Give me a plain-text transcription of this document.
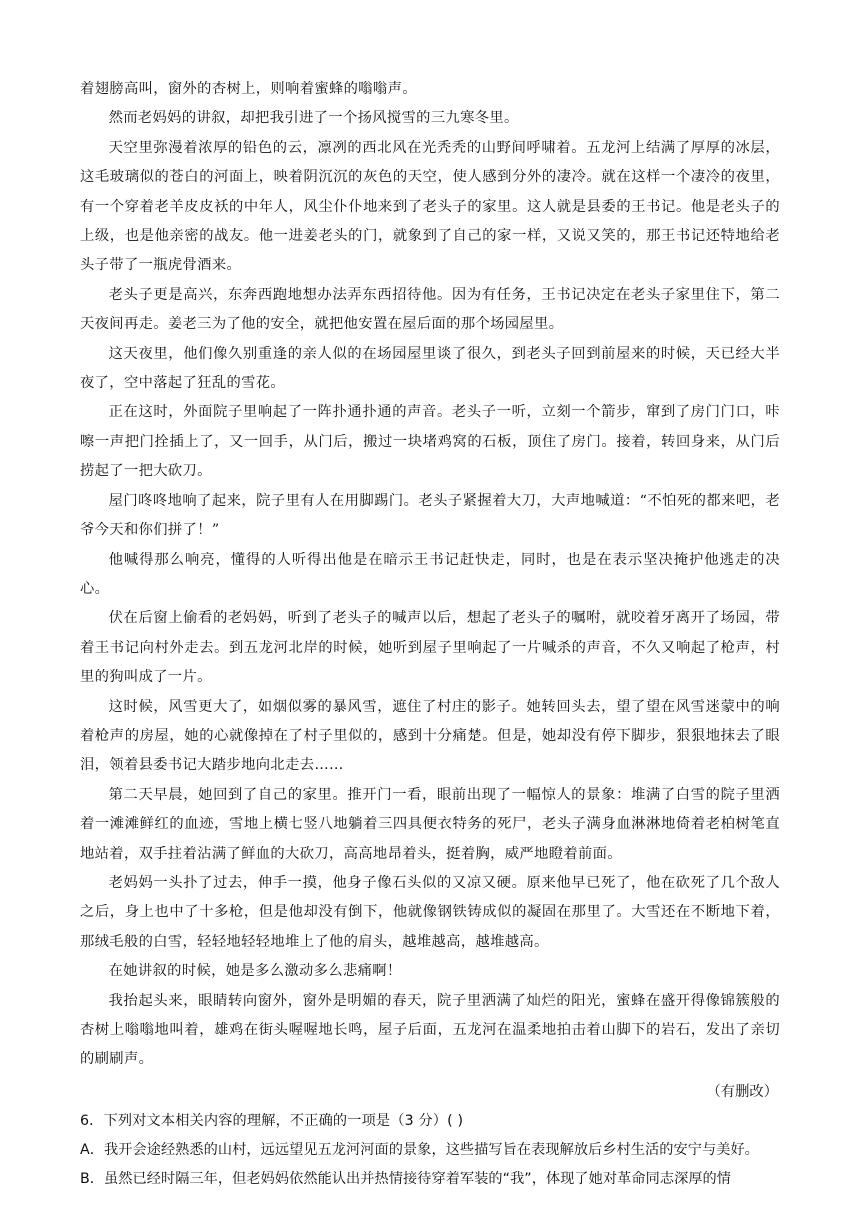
着翅膀高叫，窗外的杏树上，则响着蜜蜂的嗡嗡声。

然而老妈妈的讲叙，却把我引进了一个扬风搅雪的三九寒冬里。

天空里弥漫着浓厚的铅色的云，凛冽的西北风在光秃秃的山野间呼啸着。五龙河上结满了厚厚的冰层，这毛玻璃似的苍白的河面上，映着阴沉沉的灰色的天空，使人感到分外的凄冷。就在这样一个凄冷的夜里，有一个穿着老羊皮皮袄的中年人，风尘仆仆地来到了老头子的家里。这人就是县委的王书记。他是老头子的上级，也是他亲密的战友。他一进姜老头的门，就象到了自己的家一样，又说又笑的，那王书记还特地给老头子带了一瓶虎骨酒来。

老头子更是高兴，东奔西跑地想办法弄东西招待他。因为有任务，王书记决定在老头子家里住下，第二天夜间再走。姜老三为了他的安全，就把他安置在屋后面的那个场园屋里。

这天夜里，他们像久别重逢的亲人似的在场园屋里谈了很久，到老头子回到前屋来的时候，天已经大半夜了，空中落起了狂乱的雪花。

正在这时，外面院子里响起了一阵扑通扑通的声音。老头子一听，立刻一个箭步，窜到了房门门口，咔嚓一声把门拴插上了，又一回手，从门后，搬过一块堵鸡窝的石板，顶住了房门。接着，转回身来，从门后捞起了一把大砍刀。

屋门咚咚地响了起来，院子里有人在用脚踢门。老头子紧握着大刀，大声地喊道：“不怕死的都来吧，老爷今天和你们拼了！”

他喊得那么响亮，懂得的人听得出他是在暗示王书记赶快走，同时，也是在表示坚决掩护他逃走的决心。

伏在后窗上偷看的老妈妈，听到了老头子的喊声以后，想起了老头子的嘱咐，就咬着牙离开了场园，带着王书记向村外走去。到五龙河北岸的时候，她听到屋子里响起了一片喊杀的声音，不久又响起了枪声，村里的狗叫成了一片。

这时候，风雪更大了，如烟似雾的暴风雪，遮住了村庄的影子。她转回头去，望了望在风雪迷蒙中的响着枪声的房屋，她的心就像掉在了村子里似的，感到十分痛楚。但是，她却没有停下脚步，狠狠地抹去了眼泪，领着县委书记大踏步地向北走去……

第二天早晨，她回到了自己的家里。推开门一看，眼前出现了一幅惊人的景象：堆满了白雪的院子里洒着一滩滩鲜红的血迹，雪地上横七竖八地躺着三四具便衣特务的死尸，老头子满身血淋淋地倚着老柏树笔直地站着，双手拄着沾满了鲜血的大砍刀，高高地昂着头，挺着胸，威严地瞪着前面。

老妈妈一头扑了过去，伸手一摸，他身子像石头似的又凉又硬。原来他早已死了，他在砍死了几个敌人之后，身上也中了十多枪，但是他却没有倒下，他就像钢铁铸成似的凝固在那里了。大雪还在不断地下着，那绒毛般的白雪，轻轻地轻轻地堆上了他的肩头，越堆越高，越堆越高。

在她讲叙的时候，她是多么激动多么悲痛啊！

我抬起头来，眼睛转向窗外，窗外是明媚的春天，院子里洒满了灿烂的阳光，蜜蜂在盛开得像锦簇般的杏树上嗡嗡地叫着，雄鸡在街头喔喔地长鸣，屋子后面，五龙河在温柔地拍击着山脚下的岩石，发出了亲切的刷刷声。

（有删改）

6．下列对文本相关内容的理解，不正确的一项是（3 分）( )

A．我开会途经熟悉的山村，远远望见五龙河河面的景象，这些描写旨在表现解放后乡村生活的安宁与美好。

B．虽然已经时隔三年，但老妈妈依然能认出并热情接待穿着军装的“我”，体现了她对革命同志深厚的情
